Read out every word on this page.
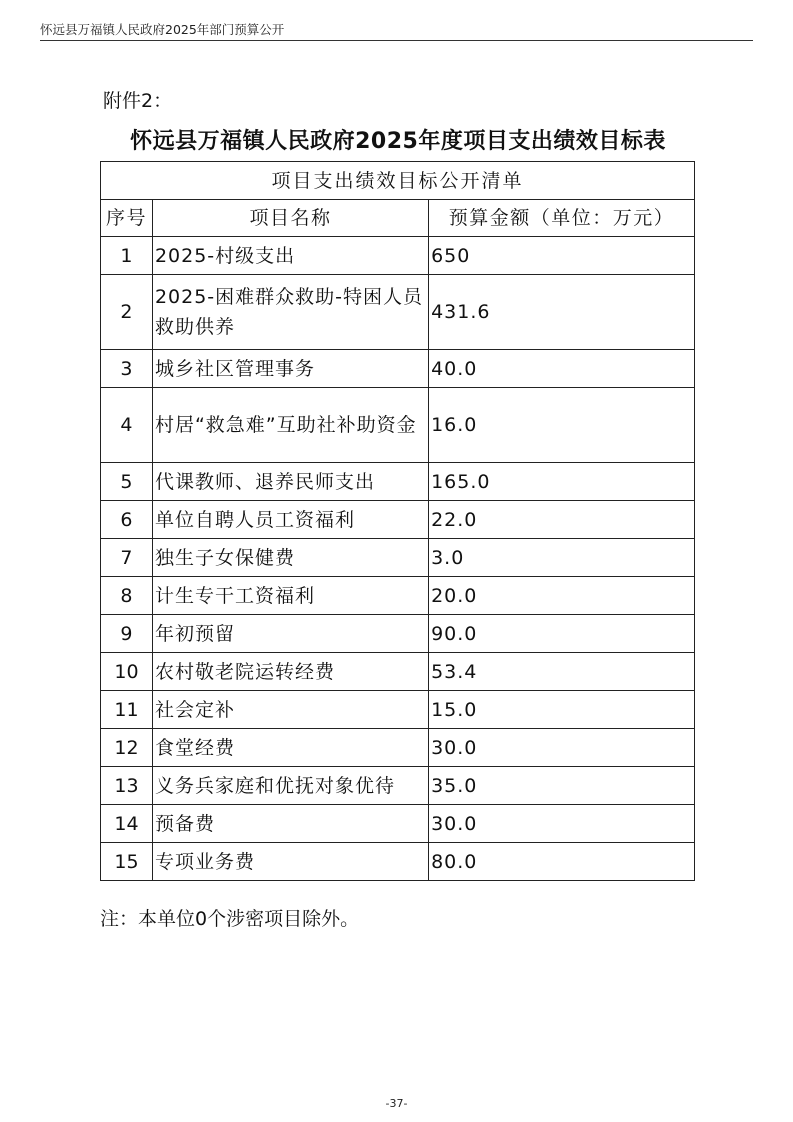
怀远县万福镇人民政府2025年部门预算公开
附件2：
怀远县万福镇人民政府2025年度项目支出绩效目标表
项目支出绩效目标公开清单		
序号	项目名称	预算金额（单位：万元）
1	2025-村级支出	650
2	2025-困难群众救助-特困人员救助供养	431.6
3	城乡社区管理事务	40.0
4	村居“救急难”互助社补助资金	16.0
5	代课教师、退养民师支出	165.0
6	单位自聘人员工资福利	22.0
7	独生子女保健费	3.0
8	计生专干工资福利	20.0
9	年初预留	90.0
10	农村敬老院运转经费	53.4
11	社会定补	15.0
12	食堂经费	30.0
13	义务兵家庭和优抚对象优待	35.0
14	预备费	30.0
15	专项业务费	80.0
注：本单位0个涉密项目除外。
-37-
